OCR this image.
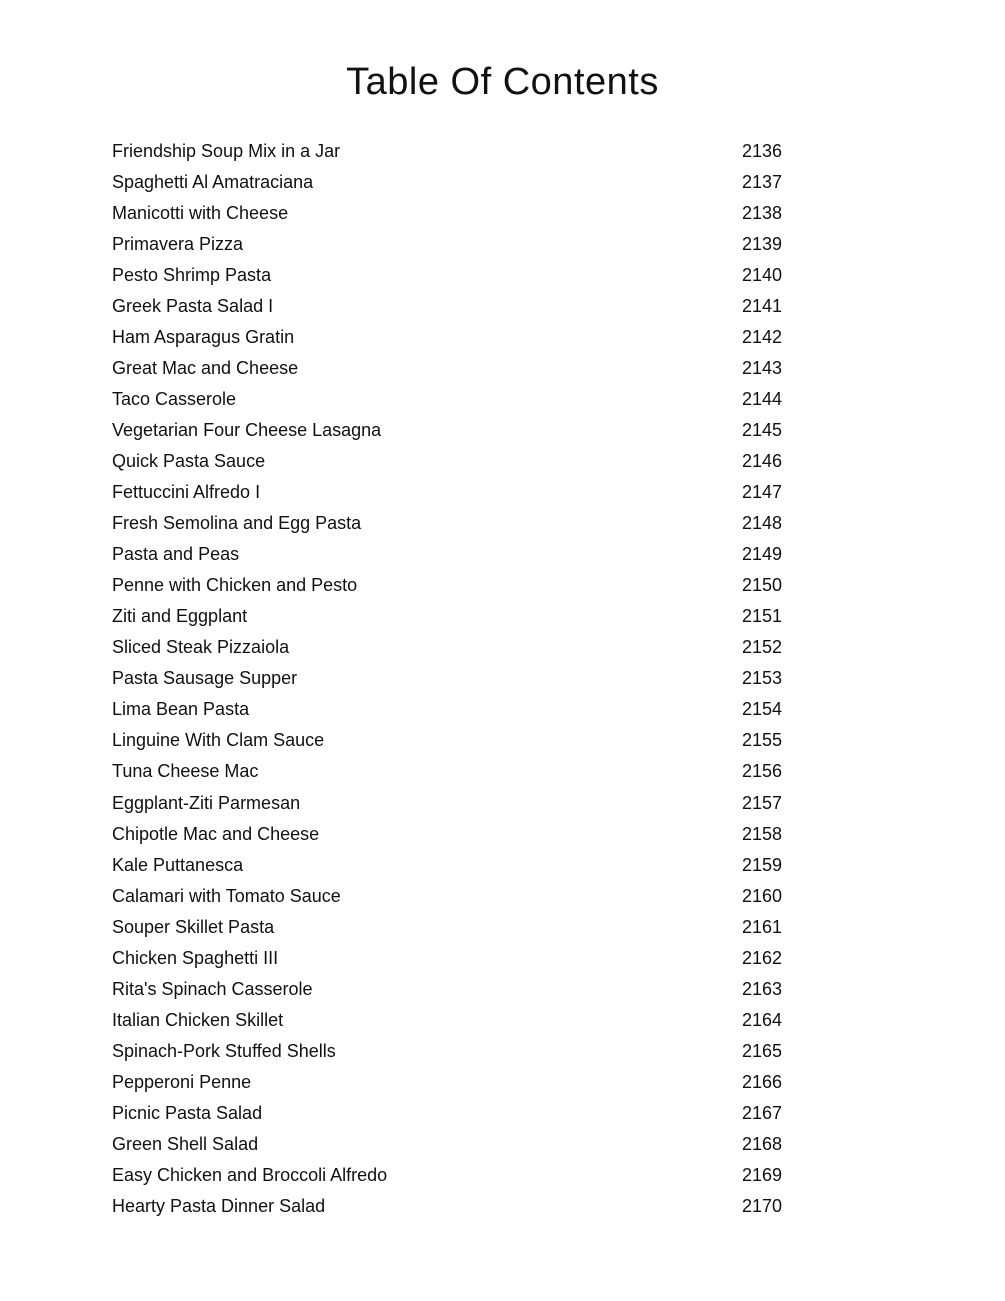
Table Of Contents
Friendship Soup Mix in a Jar	2136
Spaghetti Al Amatraciana	2137
Manicotti with Cheese	2138
Primavera Pizza	2139
Pesto Shrimp Pasta	2140
Greek Pasta Salad I	2141
Ham Asparagus Gratin	2142
Great Mac and Cheese	2143
Taco Casserole	2144
Vegetarian Four Cheese Lasagna	2145
Quick Pasta Sauce	2146
Fettuccini Alfredo I	2147
Fresh Semolina and Egg Pasta	2148
Pasta and Peas	2149
Penne with Chicken and Pesto	2150
Ziti and Eggplant	2151
Sliced Steak Pizzaiola	2152
Pasta Sausage Supper	2153
Lima Bean Pasta	2154
Linguine With Clam Sauce	2155
Tuna Cheese Mac	2156
Eggplant-Ziti Parmesan	2157
Chipotle Mac and Cheese	2158
Kale Puttanesca	2159
Calamari with Tomato Sauce	2160
Souper Skillet Pasta	2161
Chicken Spaghetti III	2162
Rita's Spinach Casserole	2163
Italian Chicken Skillet	2164
Spinach-Pork Stuffed Shells	2165
Pepperoni Penne	2166
Picnic Pasta Salad	2167
Green Shell Salad	2168
Easy Chicken and Broccoli Alfredo	2169
Hearty Pasta Dinner Salad	2170
